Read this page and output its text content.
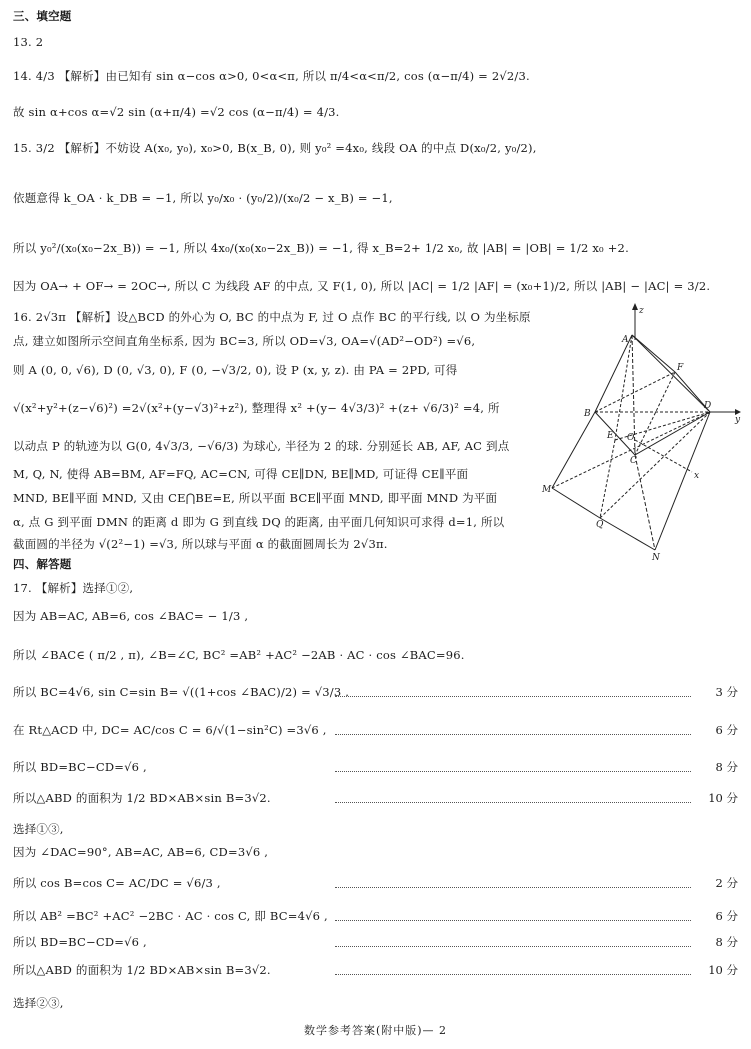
三、填空题
13. 2
14. 4/3 【解析】由已知有 sin α−cos α>0, 0<α<π, 所以 π/4<α<π/2, cos (α−π/4) = 2√2/3.
故 sin α+cos α=√2 sin (α+π/4) =√2 cos (α−π/4) = 4/3.
15. 3/2 【解析】不妨设 A(x₀, y₀), x₀>0, B(x_B, 0), 则 y₀² =4x₀, 线段 OA 的中点 D(x₀/2, y₀/2),
依题意得 k_OA · k_DB = −1, 所以 y₀/x₀ · (y₀/2)/(x₀/2 − x_B) = −1,
所以 y₀²/(x₀(x₀−2x_B)) = −1, 所以 4x₀/(x₀(x₀−2x_B)) = −1, 得 x_B=2+ 1/2 x₀, 故 |AB| = |OB| = 1/2 x₀ +2.
因为 OA→ + OF→ = 2OC→, 所以 C 为线段 AF 的中点, 又 F(1, 0), 所以 |AC| = 1/2 |AF| = (x₀+1)/2, 所以 |AB| − |AC| = 3/2.
16. 2√3π 【解析】设△BCD 的外心为 O, BC 的中点为 F, 过 O 点作 BC 的平行线, 以 O 为坐标原
点, 建立如图所示空间直角坐标系, 因为 BC=3, 所以 OD=√3, OA=√(AD²−OD²) =√6,
则 A (0, 0, √6), D (0, √3, 0), F (0, −√3/2, 0), 设 P (x, y, z). 由 PA = 2PD, 可得
√(x²+y²+(z−√6)²) =2√(x²+(y−√3)²+z²), 整理得 x² +(y− 4√3/3)² +(z+ √6/3)² =4, 所
以动点 P 的轨迹为以 G(0, 4√3/3, −√6/3) 为球心, 半径为 2 的球. 分别延长 AB, AF, AC 到点
M, Q, N, 使得 AB=BM, AF=FQ, AC=CN, 可得 CE∥DN, BE∥MD, 可证得 CE∥平面
MND, BE∥平面 MND, 又由 CE⋂BE=E, 所以平面 BCE∥平面 MND, 即平面 MND 为平面
α, 点 G 到平面 DMN 的距离 d 即为 G 到直线 DQ 的距离, 由平面几何知识可求得 d=1, 所以
截面圆的半径为 √(2²−1) =√3, 所以球与平面 α 的截面圆周长为 2√3π.
四、解答题
17. 【解析】选择①②,
因为 AB=AC, AB=6, cos ∠BAC= − 1/3 ,
所以 ∠BAC∈ ( π/2 , π), ∠B=∠C, BC² =AB² +AC² −2AB · AC · cos ∠BAC=96.
所以 BC=4√6, sin C=sin B= √((1+cos ∠BAC)/2) = √3/3 .
在 Rt△ACD 中, DC= AC/cos C = 6/√(1−sin²C) =3√6 ,
所以 BD=BC−CD=√6 ,
所以△ABD 的面积为 1/2 BD×AB×sin B=3√2.
选择①③,
因为 ∠DAC=90°, AB=AC, AB=6, CD=3√6 ,
所以 cos B=cos C= AC/DC = √6/3 ,
所以 AB² =BC² +AC² −2BC · AC · cos C, 即 BC=4√6 ,
所以 BD=BC−CD=√6 ,
所以△ABD 的面积为 1/2 BD×AB×sin B=3√2.
选择②③,
3 分
6 分
8 分
10 分
2 分
6 分
8 分
10 分
z
A
F
B
D
y
E O
C
x
M
Q
N
数学参考答案(附中版)— 2
